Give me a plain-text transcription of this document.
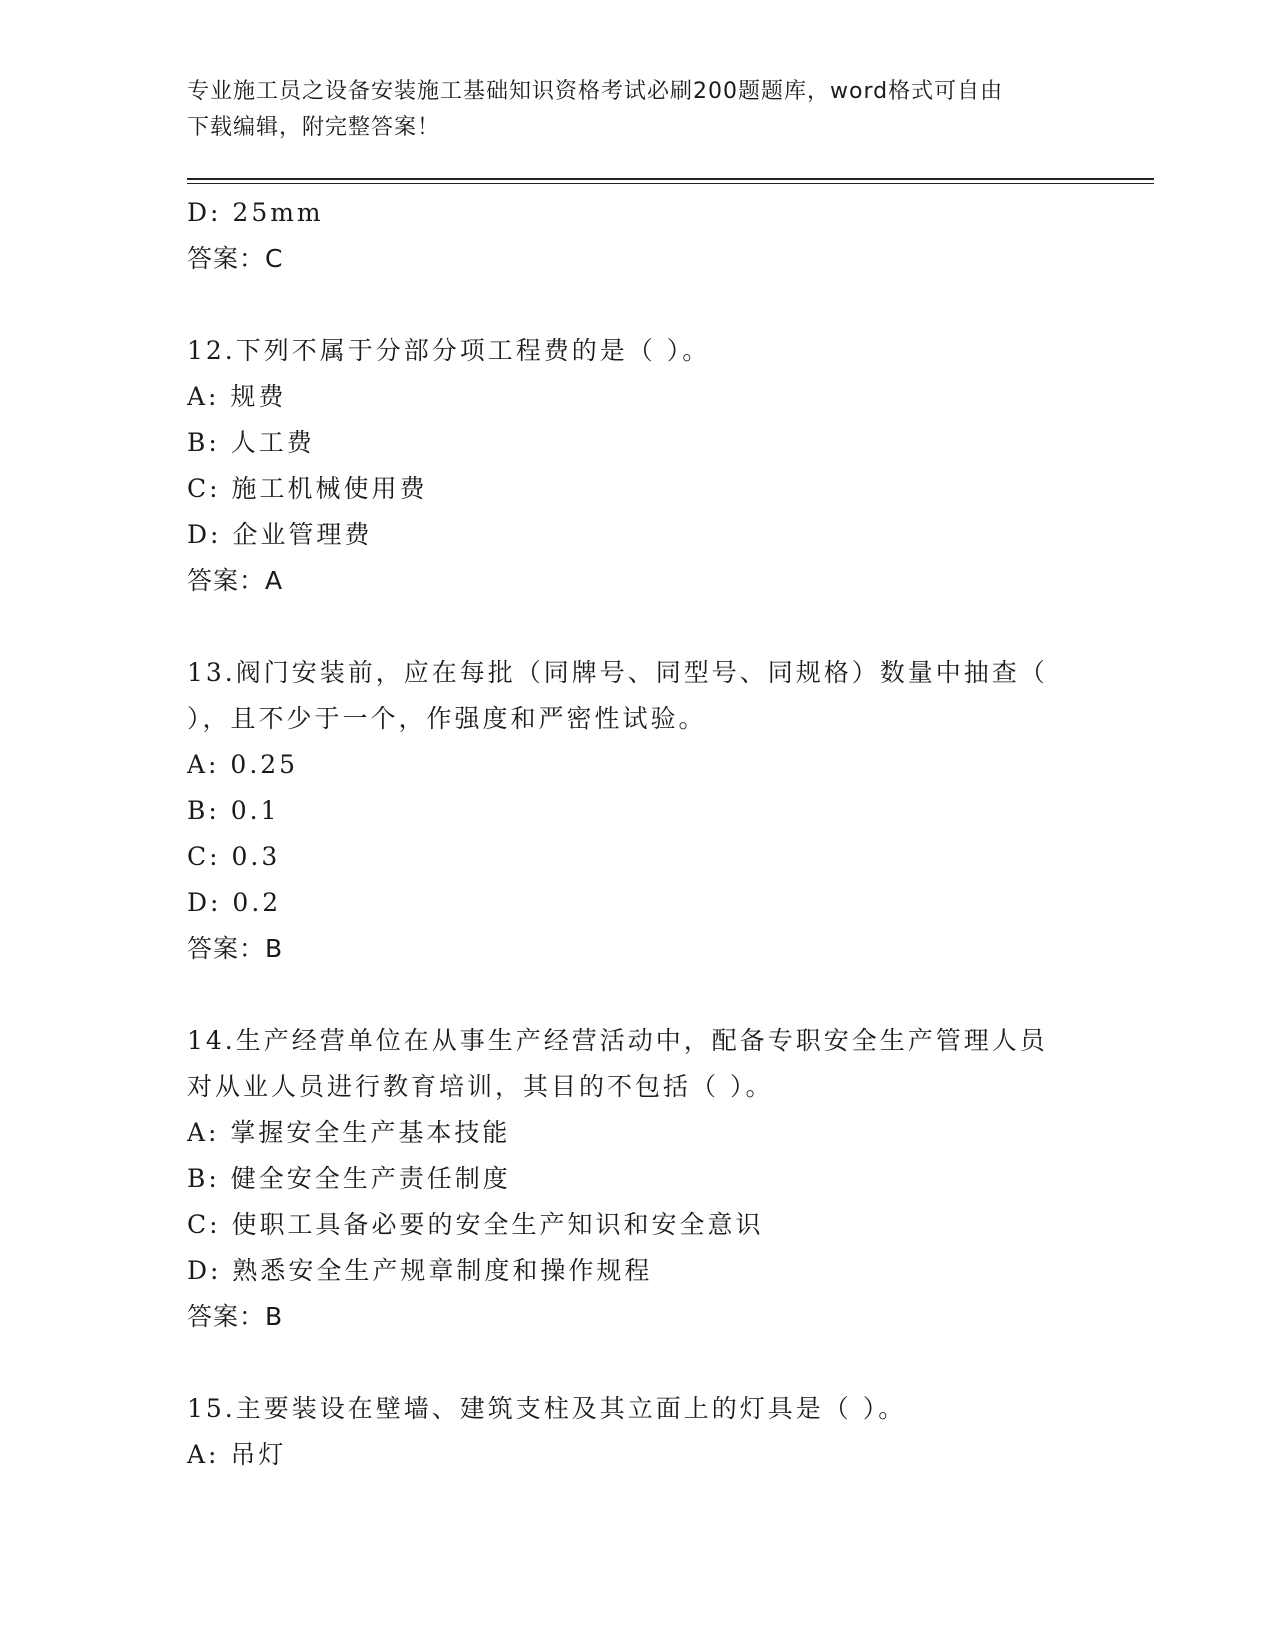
专业施工员之设备安装施工基础知识资格考试必刷200题题库，word格式可自由
下载编辑，附完整答案！
D: 25mm
答案：C
12.下列不属于分部分项工程费的是（ ）。
A: 规费
B: 人工费
C: 施工机械使用费
D: 企业管理费
答案：A
13.阀门安装前，应在每批（同牌号、同型号、同规格）数量中抽查（
），且不少于一个，作强度和严密性试验。
A: 0.25
B: 0.1
C: 0.3
D: 0.2
答案：B
14.生产经营单位在从事生产经营活动中，配备专职安全生产管理人员
对从业人员进行教育培训，其目的不包括（ ）。
A: 掌握安全生产基本技能
B: 健全安全生产责任制度
C: 使职工具备必要的安全生产知识和安全意识
D: 熟悉安全生产规章制度和操作规程
答案：B
15.主要装设在壁墙、建筑支柱及其立面上的灯具是（ ）。
A: 吊灯
